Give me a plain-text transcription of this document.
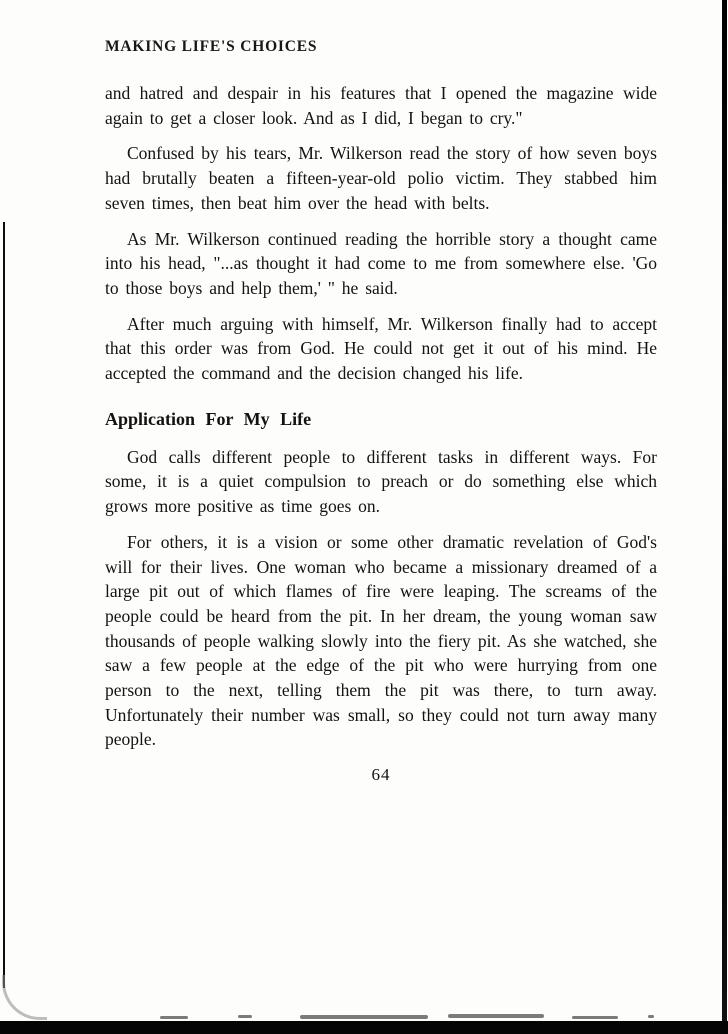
MAKING LIFE'S CHOICES

and hatred and despair in his features that I opened the magazine wide again to get a closer look. And as I did, I began to cry."

Confused by his tears, Mr. Wilkerson read the story of how seven boys had brutally beaten a fifteen-year-old polio victim. They stabbed him seven times, then beat him over the head with belts.

As Mr. Wilkerson continued reading the horrible story a thought came into his head, "...as thought it had come to me from somewhere else. 'Go to those boys and help them,' " he said.

After much arguing with himself, Mr. Wilkerson finally had to accept that this order was from God. He could not get it out of his mind. He accepted the command and the decision changed his life.

Application For My Life

God calls different people to different tasks in different ways. For some, it is a quiet compulsion to preach or do something else which grows more positive as time goes on.

For others, it is a vision or some other dramatic revelation of God's will for their lives. One woman who became a missionary dreamed of a large pit out of which flames of fire were leaping. The screams of the people could be heard from the pit. In her dream, the young woman saw thousands of people walking slowly into the fiery pit. As she watched, she saw a few people at the edge of the pit who were hurrying from one person to the next, telling them the pit was there, to turn away. Unfortunately their number was small, so they could not turn away many people.

64
